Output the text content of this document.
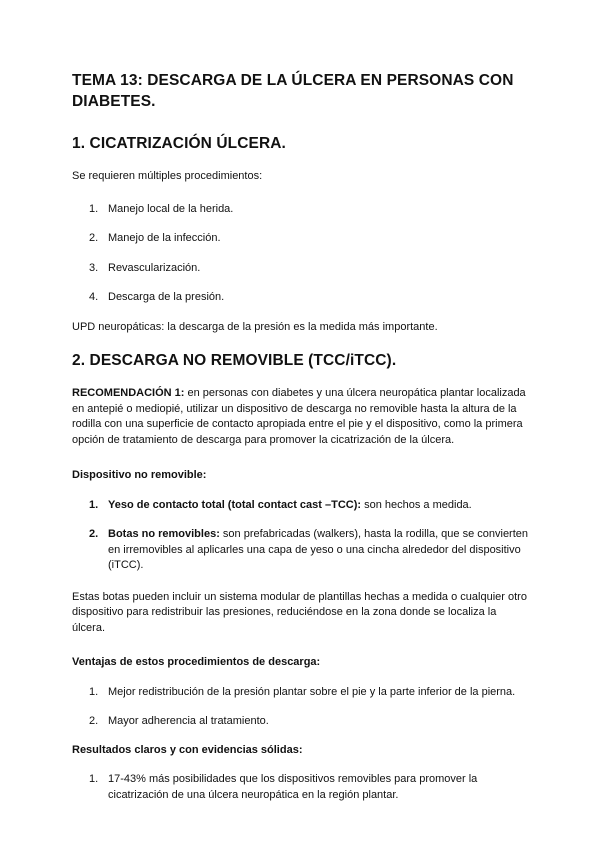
TEMA 13: DESCARGA DE LA ÚLCERA EN PERSONAS CON DIABETES.
1. CICATRIZACIÓN ÚLCERA.

Se requieren múltiples procedimientos:

1. Manejo local de la herida.
2. Manejo de la infección.
3. Revascularización.
4. Descarga de la presión.

UPD neuropáticas: la descarga de la presión es la medida más importante.

2. DESCARGA NO REMOVIBLE (TCC/iTCC).

RECOMENDACIÓN 1: en personas con diabetes y una úlcera neuropática plantar localizada en antepié o mediopié, utilizar un dispositivo de descarga no removible hasta la altura de la rodilla con una superficie de contacto apropiada entre el pie y el dispositivo, como la primera opción de tratamiento de descarga para promover la cicatrización de la úlcera.

Dispositivo no removible:

1. Yeso de contacto total (total contact cast –TCC): son hechos a medida.
2. Botas no removibles: son prefabricadas (walkers), hasta la rodilla, que se convierten en irremovibles al aplicarles una capa de yeso o una cincha alrededor del dispositivo (iTCC).

Estas botas pueden incluir un sistema modular de plantillas hechas a medida o cualquier otro dispositivo para redistribuir las presiones, reduciéndose en la zona donde se localiza la úlcera.

Ventajas de estos procedimientos de descarga:

1. Mejor redistribución de la presión plantar sobre el pie y la parte inferior de la pierna.
2. Mayor adherencia al tratamiento.

Resultados claros y con evidencias sólidas:

1. 17-43% más posibilidades que los dispositivos removibles para promover la cicatrización de una úlcera neuropática en la región plantar.
